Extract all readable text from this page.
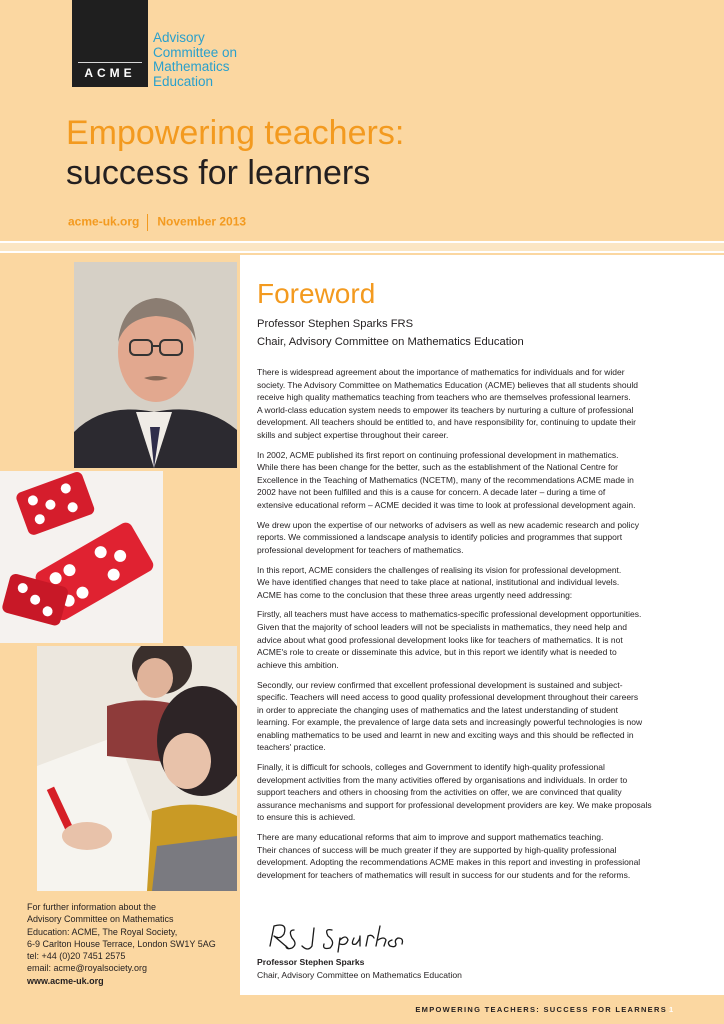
ACME
Advisory
Committee on
Mathematics
Education
Empowering teachers:
success for learners
acme-uk.org November 2013
For further information about the
Advisory Committee on Mathematics
Education: ACME, The Royal Society,
6-9 Carlton House Terrace, London SW1Y 5AG
tel: +44 (0)20 7451 2575
email: acme@royalsociety.org
www.acme-uk.org
Foreword
Professor Stephen Sparks FRS
Chair, Advisory Committee on Mathematics Education

There is widespread agreement about the importance of mathematics for individuals and for wider
society. The Advisory Committee on Mathematics Education (ACME) believes that all students should
receive high quality mathematics teaching from teachers who are themselves professional learners.
A world-class education system needs to empower its teachers by nurturing a culture of professional
development. All teachers should be entitled to, and have responsibility for, continuing to update their
skills and subject expertise throughout their career.

In 2002, ACME published its first report on continuing professional development in mathematics.
While there has been change for the better, such as the establishment of the National Centre for
Excellence in the Teaching of Mathematics (NCETM), many of the recommendations ACME made in
2002 have not been fulfilled and this is a cause for concern. A decade later – during a time of
extensive educational reform – ACME decided it was time to look at professional development again.

We drew upon the expertise of our networks of advisers as well as new academic research and policy
reports. We commissioned a landscape analysis to identify policies and programmes that support
professional development for teachers of mathematics.

In this report, ACME considers the challenges of realising its vision for professional development.
We have identified changes that need to take place at national, institutional and individual levels.
ACME has come to the conclusion that these three areas urgently need addressing:

Firstly, all teachers must have access to mathematics-specific professional development opportunities.
Given that the majority of school leaders will not be specialists in mathematics, they need help and
advice about what good professional development looks like for teachers of mathematics. It is not
ACME's role to create or disseminate this advice, but in this report we identify what is needed to
achieve this ambition.

Secondly, our review confirmed that excellent professional development is sustained and subject-
specific. Teachers will need access to good quality professional development throughout their careers
in order to appreciate the changing uses of mathematics and the latest understanding of student
learning. For example, the prevalence of large data sets and increasingly powerful technologies is now
enabling mathematics to be used and learnt in new and exciting ways and this should be reflected in
teachers' practice.

Finally, it is difficult for schools, colleges and Government to identify high-quality professional
development activities from the many activities offered by organisations and individuals. In order to
support teachers and others in choosing from the activities on offer, we are convinced that quality
assurance mechanisms and support for professional development providers are key. We make proposals
to ensure this is achieved.

There are many educational reforms that aim to improve and support mathematics teaching.
Their chances of success will be much greater if they are supported by high-quality professional
development. Adopting the recommendations ACME makes in this report and investing in professional
development for teachers of mathematics will result in success for our students and for the reforms.

Professor Stephen Sparks
Chair, Advisory Committee on Mathematics Education
EMPOWERING TEACHERS: SUCCESS FOR LEARNERS 1
